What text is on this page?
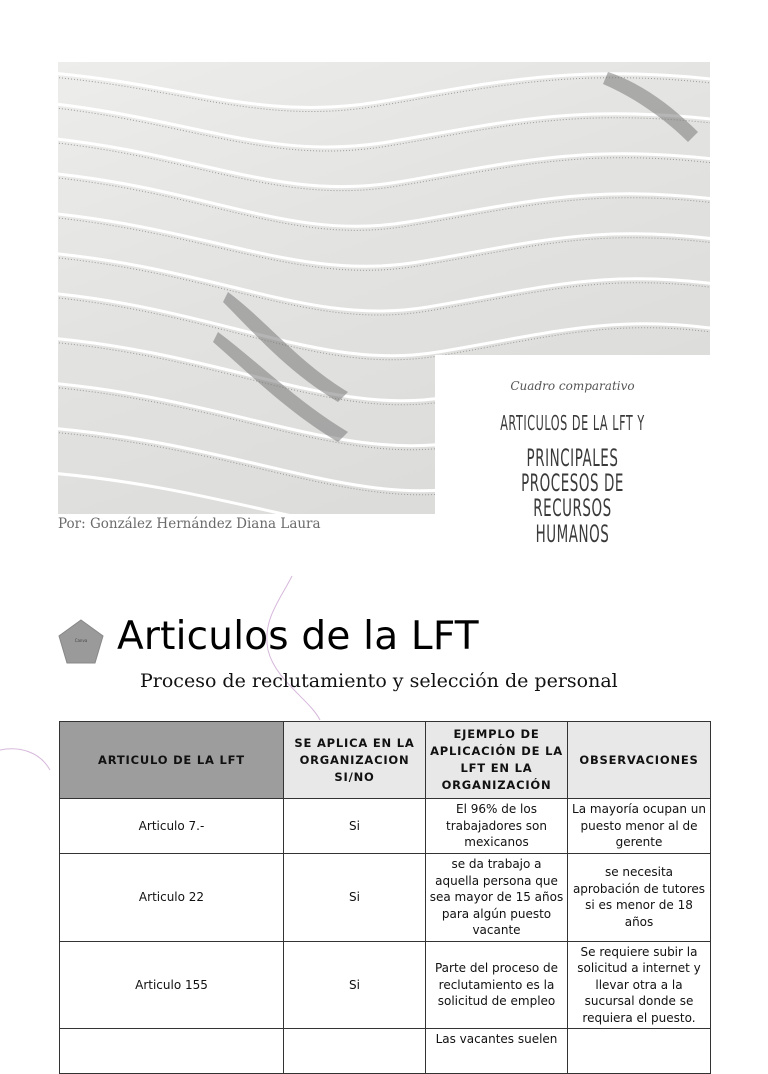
Cuadro comparativo
ARTICULOS DE LA LFT Y
PRINCIPALES PROCESOS DE
RECURSOS HUMANOS
Por: González Hernández Diana Laura
Canva Articulos de la LFT
Proceso de reclutamiento y selección de personal
ARTICULO DE LA LFT	SE APLICA EN LA ORGANIZACION SI/NO	EJEMPLO DE APLICACIÓN DE LA LFT EN LA ORGANIZACIÓN	OBSERVACIONES
Articulo 7.-	Si	El 96% de los trabajadores son mexicanos	La mayoría ocupan un puesto menor al de gerente
Articulo 22	Si	se da trabajo a aquella persona que sea mayor de 15 años para algún puesto vacante	se necesita aprobación de tutores si es menor de 18 años
Articulo 155	Si	Parte del proceso de reclutamiento es la solicitud de empleo	Se requiere subir la solicitud a internet y llevar otra a la sucursal donde se requiera el puesto.
		Las vacantes suelen	
